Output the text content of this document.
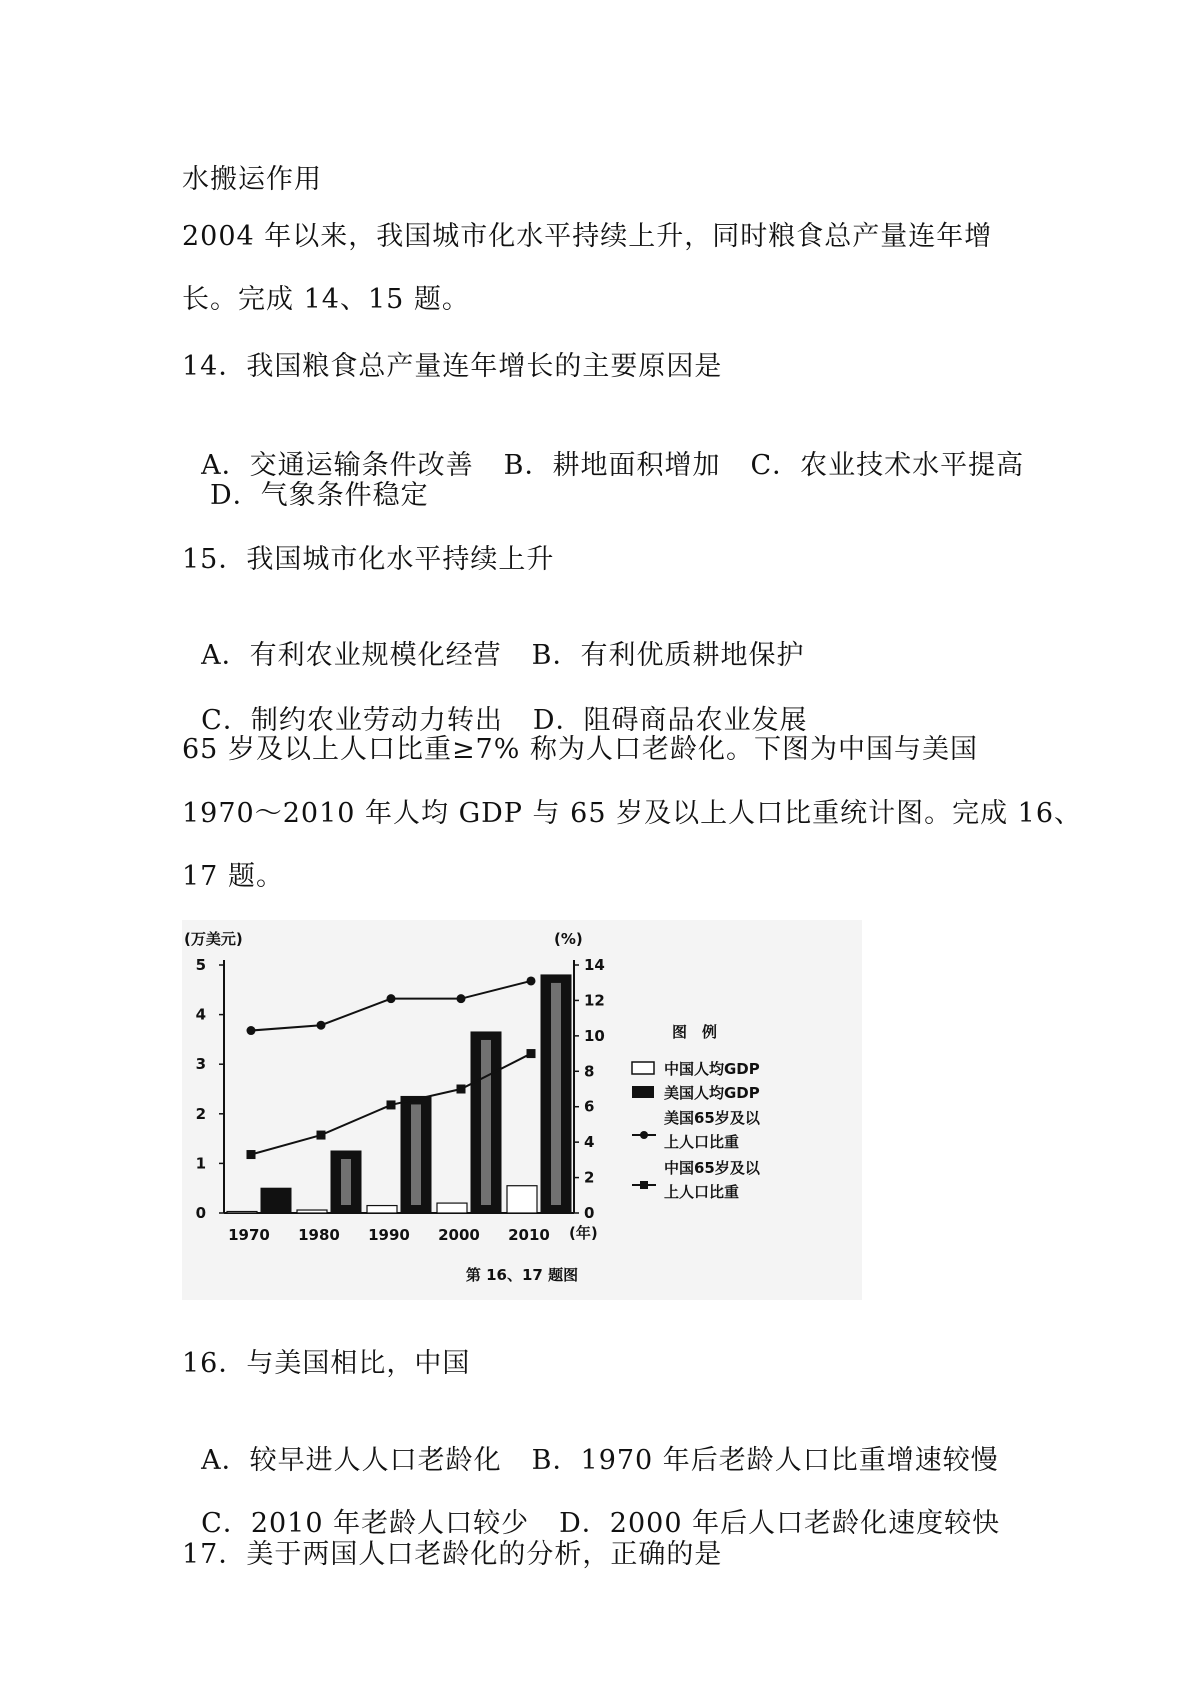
水搬运作用
2004 年以来，我国城市化水平持续上升，同时粮食总产量连年增
长。完成 14、15 题。
14．我国粮食总产量连年增长的主要原因是

A．交通运输条件改善 B．耕地面积增加 C．农业技术水平提高

D．气象条件稳定
15．我国城市化水平持续上升

A．有利农业规模化经营 B．有利优质耕地保护

C．制约农业劳动力转出 D．阻碍商品农业发展

65 岁及以上人口比重≥7% 称为人口老龄化。下图为中国与美国
1970～2010 年人均 GDP 与 65 岁及以上人口比重统计图。完成 16、
17 题。
(万美元)	(%)
(年)
0
1
2
3
4
5
0
2
4
6
8
10
12
14
1970 1980 1990 2000 2010
图　例
中国人均GDP
美国人均GDP
美国65岁及以
上人口比重
中国65岁及以
上人口比重
第 16、17 题图
16．与美国相比，中国

A．较早进人人口老龄化 B．1970 年后老龄人口比重增速较慢

C．2010 年老龄人口较少 D．2000 年后人口老龄化速度较快

17．美于两国人口老龄化的分析，正确的是
